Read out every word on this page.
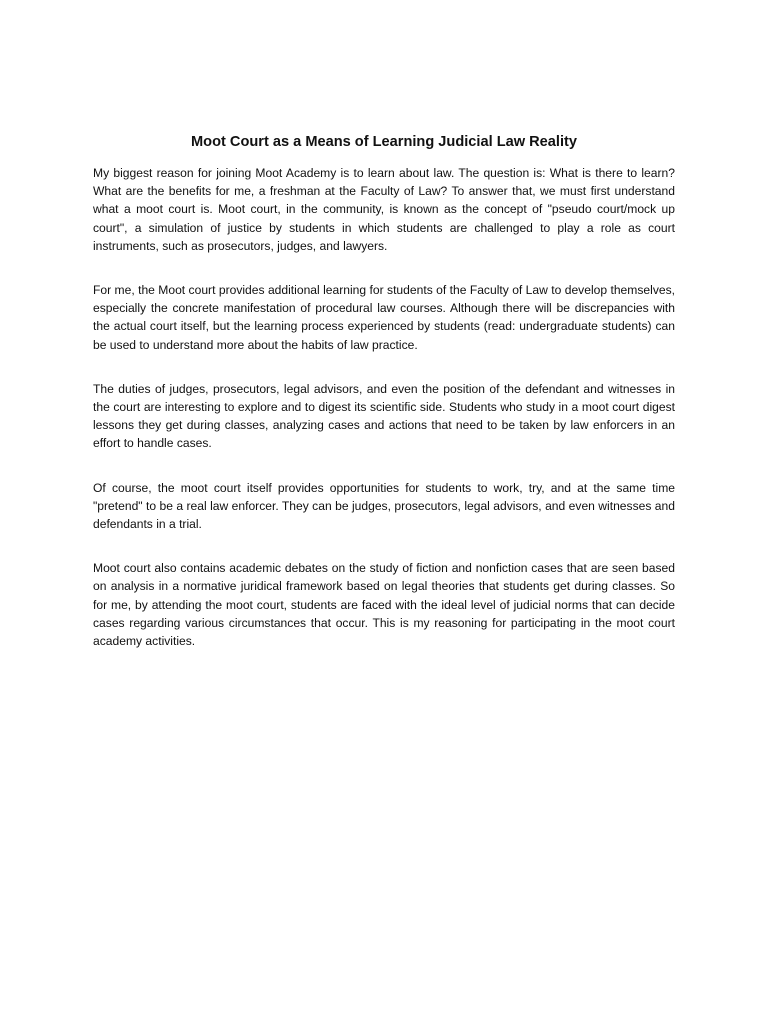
Moot Court as a Means of Learning Judicial Law Reality

My biggest reason for joining Moot Academy is to learn about law. The question is: What is there to learn? What are the benefits for me, a freshman at the Faculty of Law? To answer that, we must first understand what a moot court is. Moot court, in the community, is known as the concept of "pseudo court/mock up court", a simulation of justice by students in which students are challenged to play a role as court instruments, such as prosecutors, judges, and lawyers.

For me, the Moot court provides additional learning for students of the Faculty of Law to develop themselves, especially the concrete manifestation of procedural law courses. Although there will be discrepancies with the actual court itself, but the learning process experienced by students (read: undergraduate students) can be used to understand more about the habits of law practice.

The duties of judges, prosecutors, legal advisors, and even the position of the defendant and witnesses in the court are interesting to explore and to digest its scientific side. Students who study in a moot court digest lessons they get during classes, analyzing cases and actions that need to be taken by law enforcers in an effort to handle cases.

Of course, the moot court itself provides opportunities for students to work, try, and at the same time "pretend" to be a real law enforcer. They can be judges, prosecutors, legal advisors, and even witnesses and defendants in a trial.

Moot court also contains academic debates on the study of fiction and nonfiction cases that are seen based on analysis in a normative juridical framework based on legal theories that students get during classes. So for me, by attending the moot court, students are faced with the ideal level of judicial norms that can decide cases regarding various circumstances that occur. This is my reasoning for participating in the moot court academy activities.
